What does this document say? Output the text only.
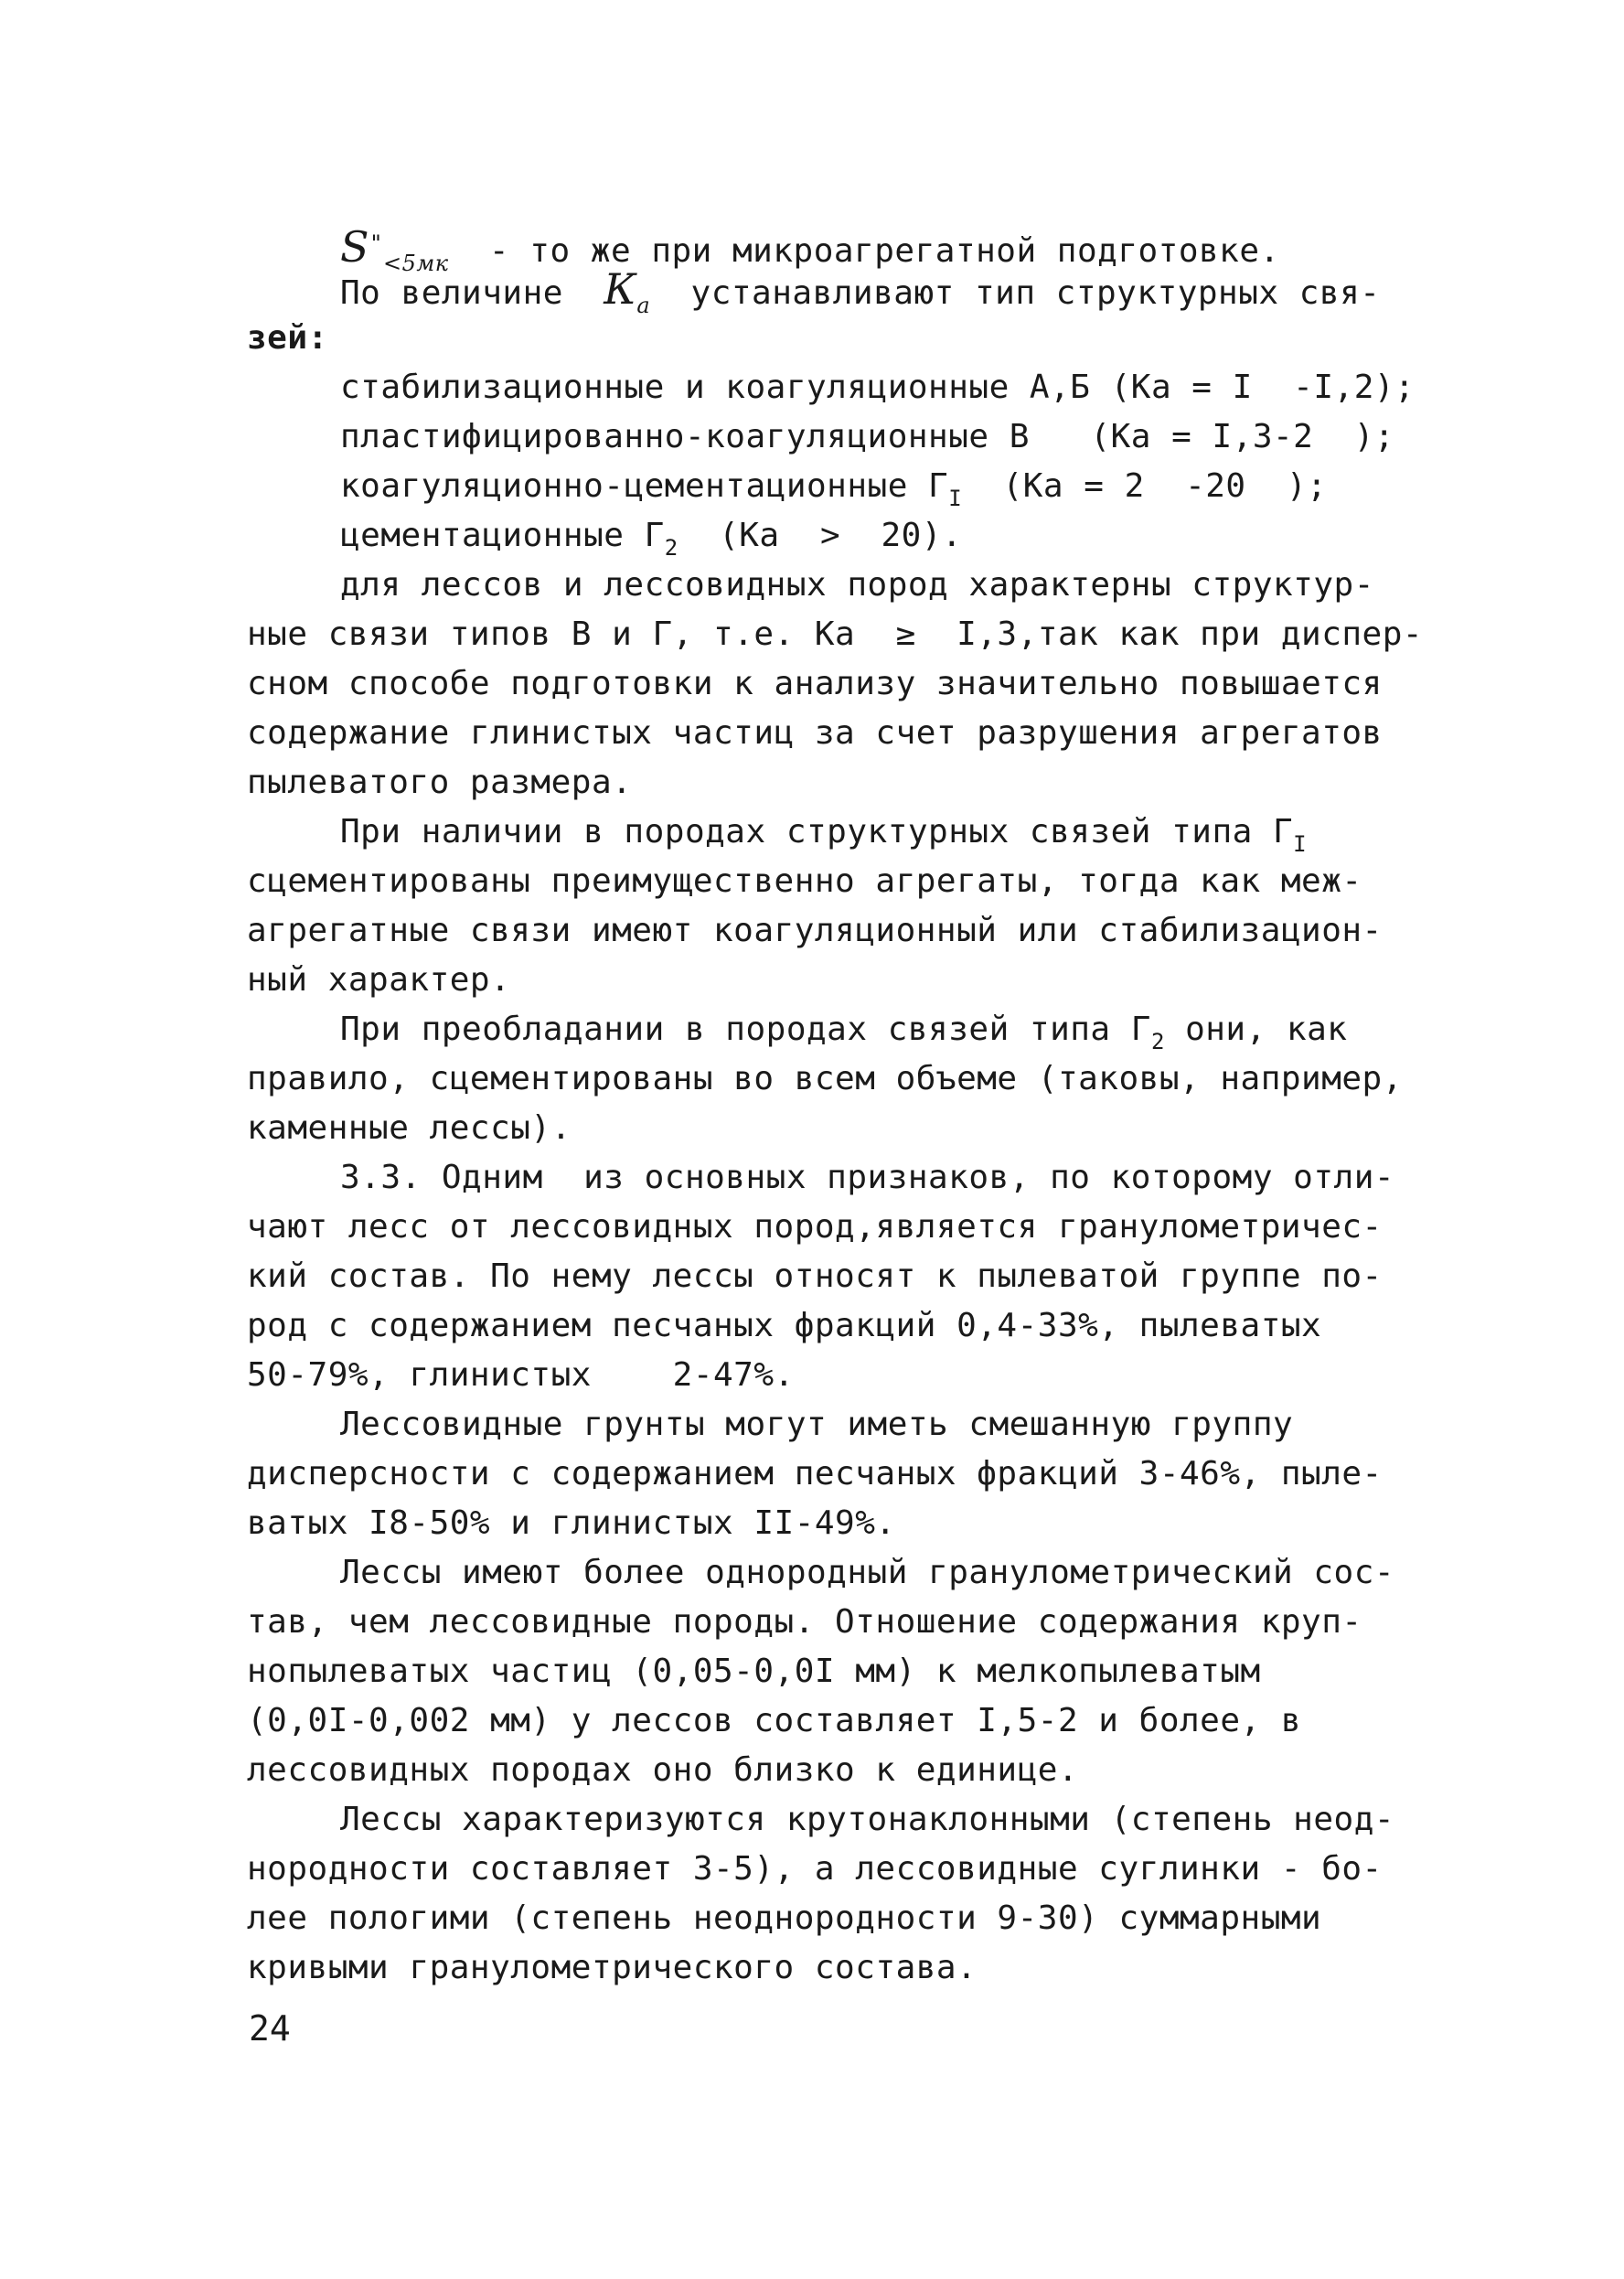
$S^"_{<5мк}$  - то же при микроагрегатной подготовке.
По величине  $К_а$  устанавливают тип структурных свя-
зей:
стабилизационные и коагуляционные А,Б (Ка = I  -I,2);
пластифицированно-коагуляционные В   (Ка = I,3-2  );
коагуляционно-цементационные $Г_I$  (Ка = 2  -20  );
цементационные $Г_2$  (Ка  >  20).
для лессов и лессовидных пород характерны структур-
ные связи типов В и Г, т.е. Ка  ≥  I,3,так как при диспер-
сном способе подготовки к анализу значительно повышается
содержание глинистых частиц за счет разрушения агрегатов
пылеватого размера.
При наличии в породах структурных связей типа $Г_I$
сцементированы преимущественно агрегаты, тогда как меж-
агрегатные связи имеют коагуляционный или стабилизацион-
ный характер.
При преобладании в породах связей типа $Г_2$ они, как
правило, сцементированы во всем объеме (таковы, например,
каменные лессы).
3.3. Одним  из основных признаков, по которому отли-
чают лесс от лессовидных пород,является гранулометричес-
кий состав. По нему лессы относят к пылеватой группе по-
род с содержанием песчаных фракций 0,4-33%, пылеватых
50-79%, глинистых    2-47%.
Лессовидные грунты могут иметь смешанную группу
дисперсности с содержанием песчаных фракций 3-46%, пыле-
ватых I8-50% и глинистых II-49%.
Лессы имеют более однородный гранулометрический сос-
тав, чем лессовидные породы. Отношение содержания круп-
нопылеватых частиц (0,05-0,0I мм) к мелкопылеватым
(0,0I-0,002 мм) у лессов составляет I,5-2 и более, в
лессовидных породах оно близко к единице.
Лессы характеризуются крутонаклонными (степень неод-
нородности составляет 3-5), а лессовидные суглинки - бо-
лее пологими (степень неоднородности 9-30) суммарными
кривыми гранулометрического состава.
24
